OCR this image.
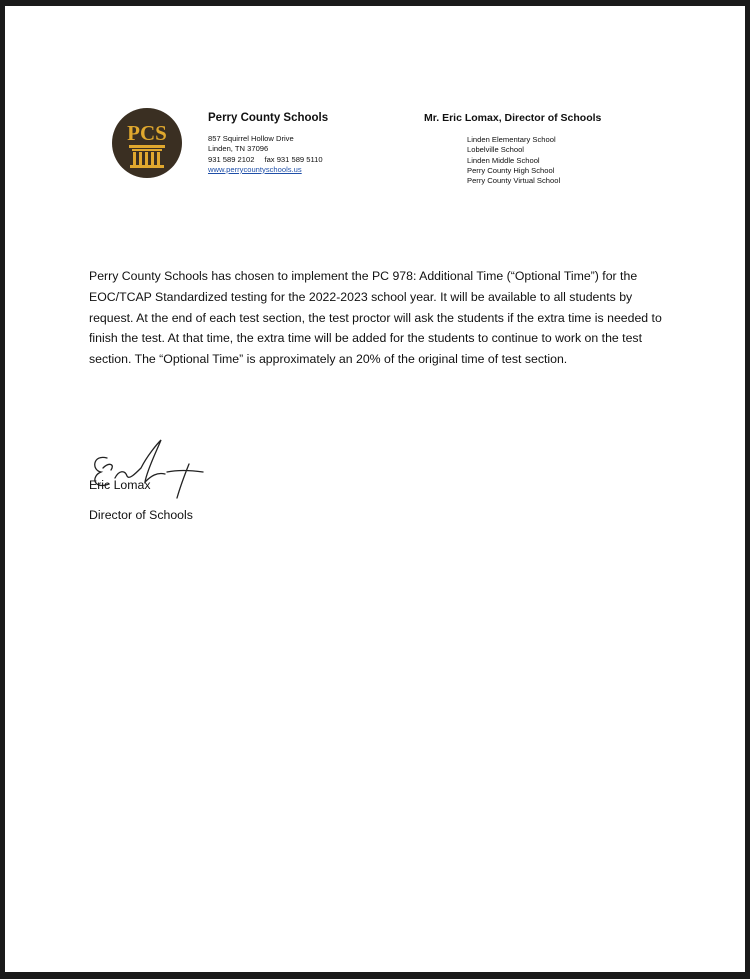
PCS
Perry County Schools
857 Squirrel Hollow Drive
Linden, TN 37096
931 589 2102 fax 931 589 5110
www.perrycountyschools.us
Mr. Eric Lomax, Director of Schools
Linden Elementary School
Lobelville School
Linden Middle School
Perry County High School
Perry County Virtual School
Perry County Schools has chosen to implement the PC 978: Additional Time (“Optional Time”) for the EOC/TCAP Standardized testing for the 2022-2023 school year. It will be available to all students by request. At the end of each test section, the test proctor will ask the students if the extra time is needed to finish the test. At that time, the extra time will be added for the students to continue to work on the test section. The “Optional Time” is approximately an 20% of the original time of test section.
Eric Lomax
Director of Schools
